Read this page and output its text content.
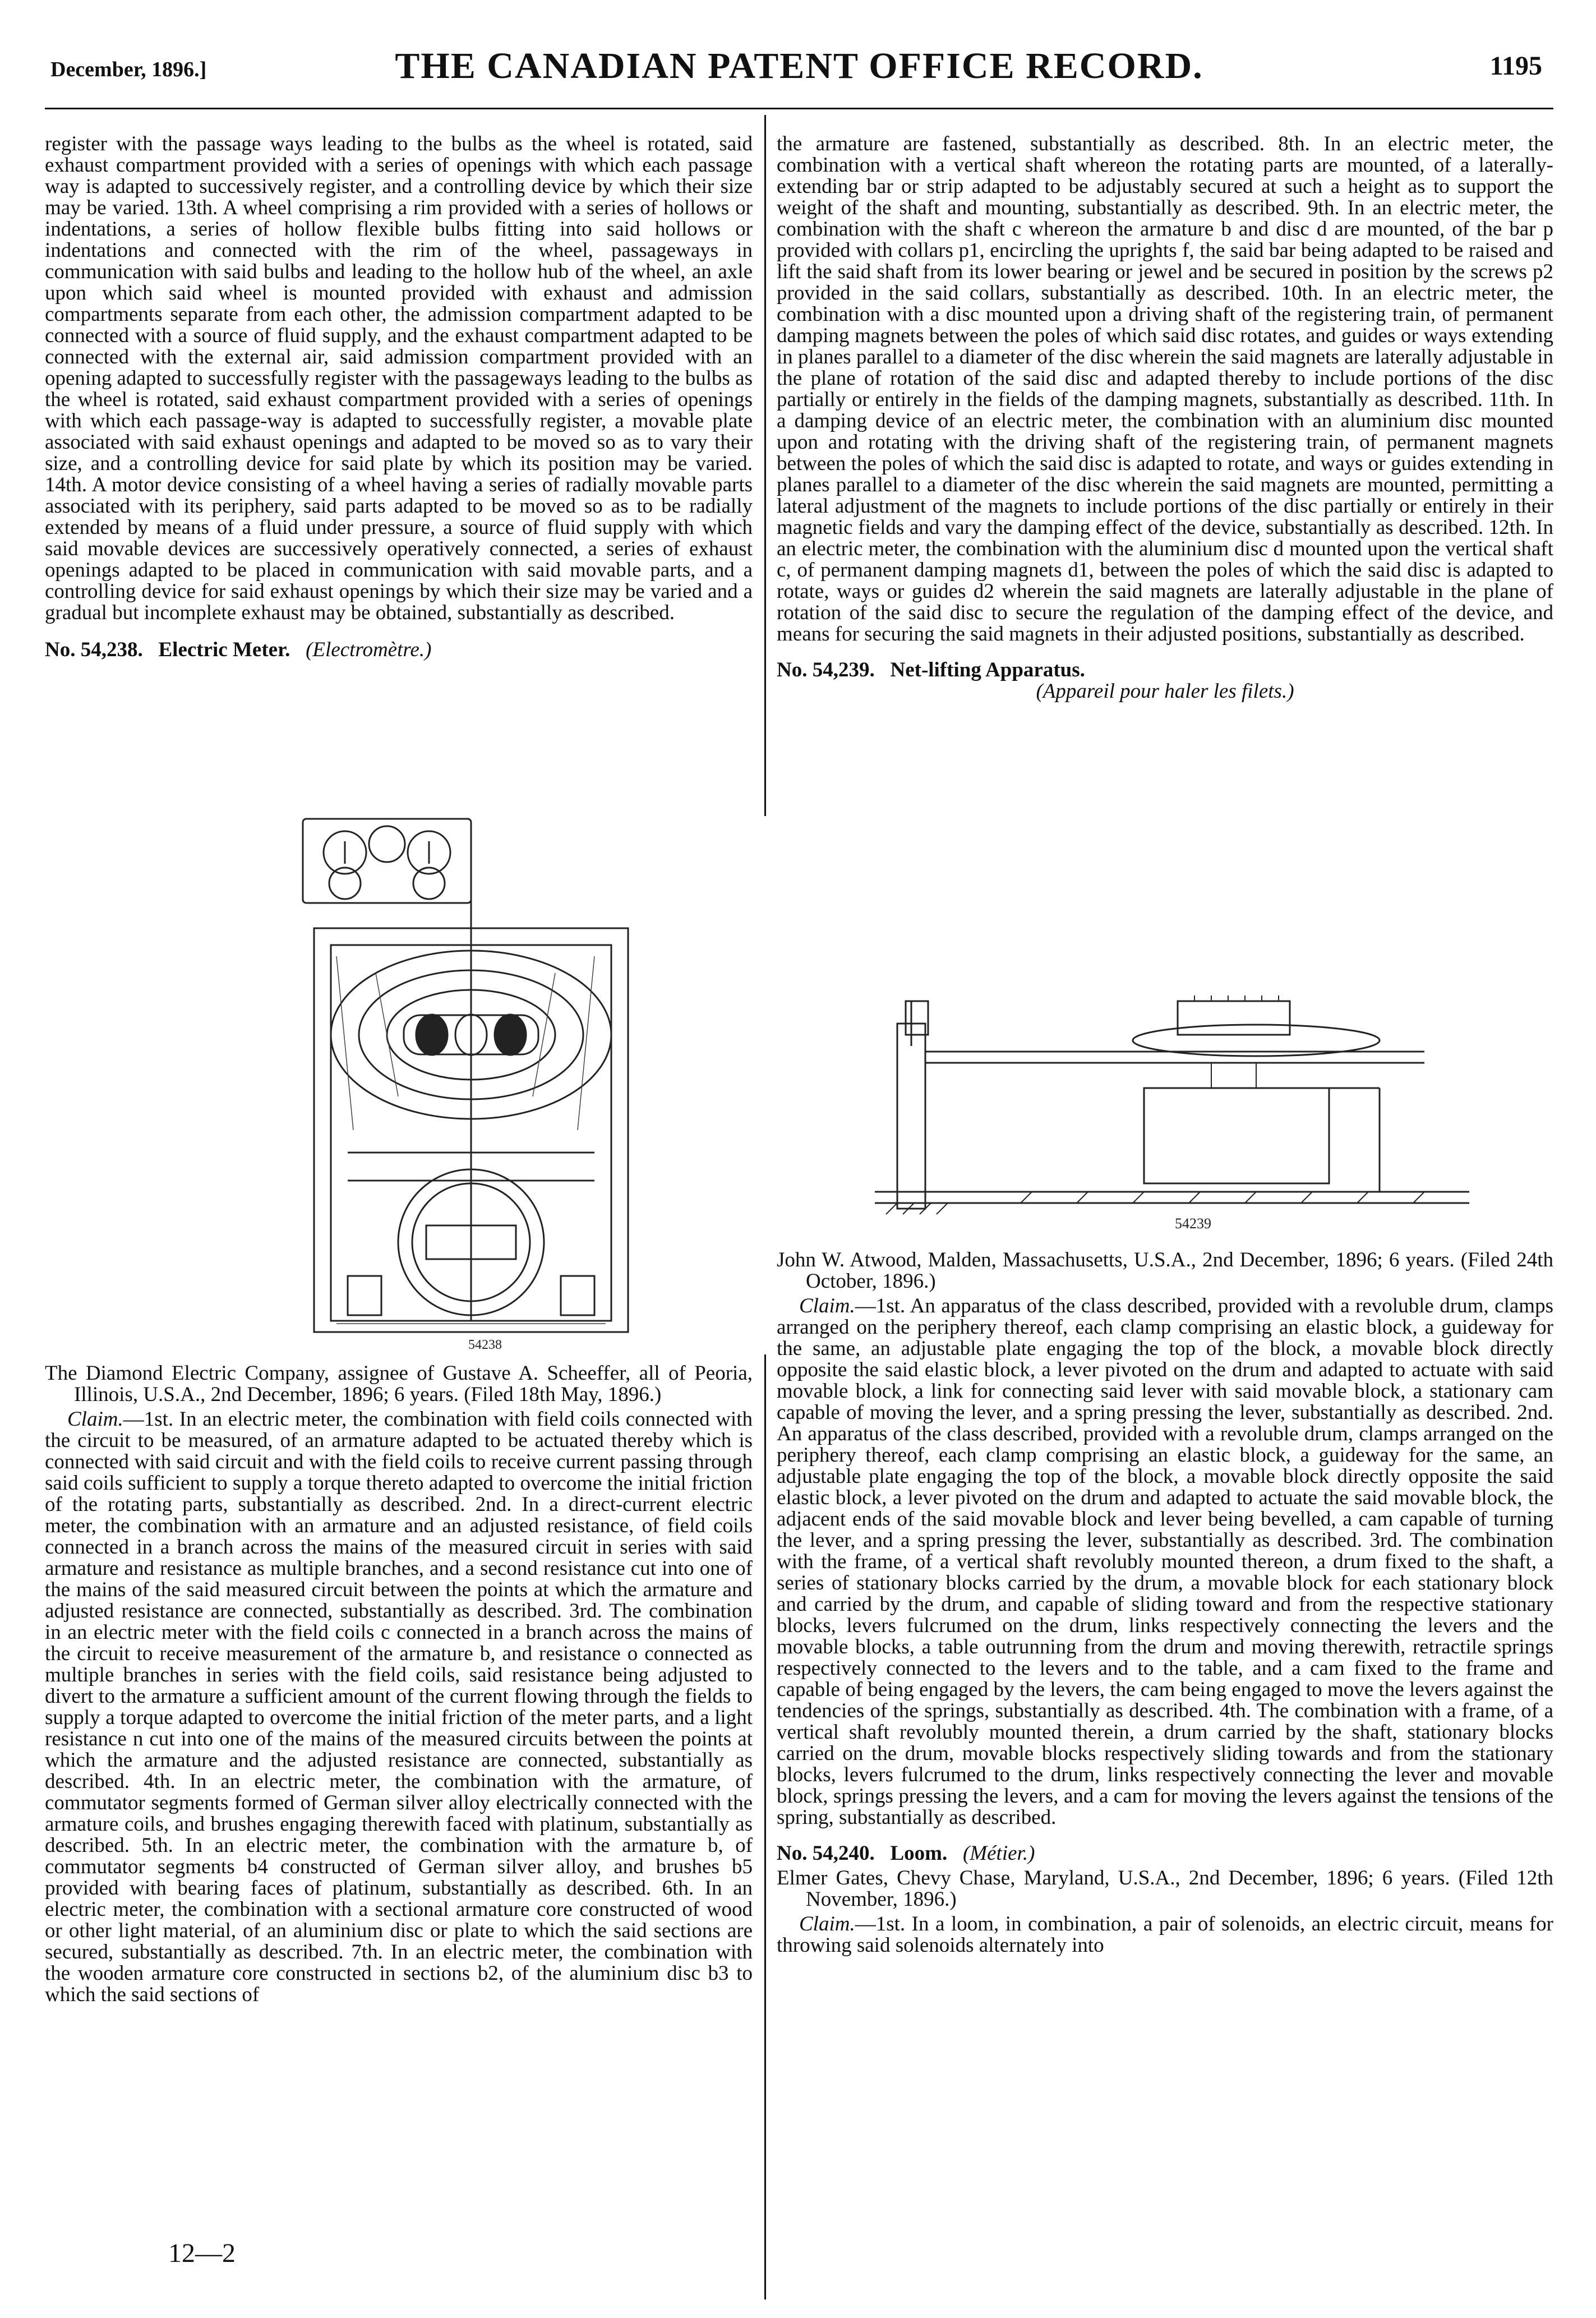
December, 1896.]	THE CANADIAN PATENT OFFICE RECORD.	1195

register with the passage ways leading to the bulbs as the wheel is rotated, said exhaust compartment provided with a series of openings with which each passage way is adapted to successively register, and a controlling device by which their size may be varied. 13th. A wheel comprising a rim provided with a series of hollows or indentations, a series of hollow flexible bulbs fitting into said hollows or indentations and connected with the rim of the wheel, passageways in communication with said bulbs and leading to the hollow hub of the wheel, an axle upon which said wheel is mounted provided with exhaust and admission compartments separate from each other, the admission compartment adapted to be connected with a source of fluid supply, and the exhaust compartment adapted to be connected with the external air, said admission compartment provided with an opening adapted to successfully register with the passageways leading to the bulbs as the wheel is rotated, said exhaust compartment provided with a series of openings with which each passage-way is adapted to successfully register, a movable plate associated with said exhaust openings and adapted to be moved so as to vary their size, and a controlling device for said plate by which its position may be varied. 14th. A motor device consisting of a wheel having a series of radially movable parts associated with its periphery, said parts adapted to be moved so as to be radially extended by means of a fluid under pressure, a source of fluid supply with which said movable devices are successively operatively connected, a series of exhaust openings adapted to be placed in communication with said movable parts, and a controlling device for said exhaust openings by which their size may be varied and a gradual but incomplete exhaust may be obtained, substantially as described.

No. 54,238. Electric Meter. (Electromètre.)

54238

The Diamond Electric Company, assignee of Gustave A. Scheeffer, all of Peoria, Illinois, U.S.A., 2nd December, 1896; 6 years. (Filed 18th May, 1896.)

Claim.—1st. In an electric meter, the combination with field coils connected with the circuit to be measured, of an armature adapted to be actuated thereby which is connected with said circuit and with the field coils to receive current passing through said coils sufficient to supply a torque thereto adapted to overcome the initial friction of the rotating parts, substantially as described. 2nd. In a direct-current electric meter, the combination with an armature and an adjusted resistance, of field coils connected in a branch across the mains of the measured circuit in series with said armature and resistance as multiple branches, and a second resistance cut into one of the mains of the said measured circuit between the points at which the armature and adjusted resistance are connected, substantially as described. 3rd. The combination in an electric meter with the field coils c connected in a branch across the mains of the circuit to receive measurement of the armature b, and resistance o connected as multiple branches in series with the field coils, said resistance being adjusted to divert to the armature a sufficient amount of the current flowing through the fields to supply a torque adapted to overcome the initial friction of the meter parts, and a light resistance n cut into one of the mains of the measured circuits between the points at which the armature and the adjusted resistance are connected, substantially as described. 4th. In an electric meter, the combination with the armature, of commutator segments formed of German silver alloy electrically connected with the armature coils, and brushes engaging therewith faced with platinum, substantially as described. 5th. In an electric meter, the combination with the armature b, of commutator segments b4 constructed of German silver alloy, and brushes b5 provided with bearing faces of platinum, substantially as described. 6th. In an electric meter, the combination with a sectional armature core constructed of wood or other light material, of an aluminium disc or plate to which the said sections are secured, substantially as described. 7th. In an electric meter, the combination with the wooden armature core constructed in sections b2, of the aluminium disc b3 to which the said sections of

12—2

the armature are fastened, substantially as described. 8th. In an electric meter, the combination with a vertical shaft whereon the rotating parts are mounted, of a laterally-extending bar or strip adapted to be adjustably secured at such a height as to support the weight of the shaft and mounting, substantially as described. 9th. In an electric meter, the combination with the shaft c whereon the armature b and disc d are mounted, of the bar p provided with collars p1, encircling the uprights f, the said bar being adapted to be raised and lift the said shaft from its lower bearing or jewel and be secured in position by the screws p2 provided in the said collars, substantially as described. 10th. In an electric meter, the combination with a disc mounted upon a driving shaft of the registering train, of permanent damping magnets between the poles of which said disc rotates, and guides or ways extending in planes parallel to a diameter of the disc wherein the said magnets are laterally adjustable in the plane of rotation of the said disc and adapted thereby to include portions of the disc partially or entirely in the fields of the damping magnets, substantially as described. 11th. In a damping device of an electric meter, the combination with an aluminium disc mounted upon and rotating with the driving shaft of the registering train, of permanent magnets between the poles of which the said disc is adapted to rotate, and ways or guides extending in planes parallel to a diameter of the disc wherein the said magnets are mounted, permitting a lateral adjustment of the magnets to include portions of the disc partially or entirely in their magnetic fields and vary the damping effect of the device, substantially as described. 12th. In an electric meter, the combination with the aluminium disc d mounted upon the vertical shaft c, of permanent damping magnets d1, between the poles of which the said disc is adapted to rotate, ways or guides d2 wherein the said magnets are laterally adjustable in the plane of rotation of the said disc to secure the regulation of the damping effect of the device, and means for securing the said magnets in their adjusted positions, substantially as described.

No. 54,239. Net-lifting Apparatus.

(Appareil pour haler les filets.)

54239

John W. Atwood, Malden, Massachusetts, U.S.A., 2nd December, 1896; 6 years. (Filed 24th October, 1896.)

Claim.—1st. An apparatus of the class described, provided with a revoluble drum, clamps arranged on the periphery thereof, each clamp comprising an elastic block, a guideway for the same, an adjustable plate engaging the top of the block, a movable block directly opposite the said elastic block, a lever pivoted on the drum and adapted to actuate with said movable block, a link for connecting said lever with said movable block, a stationary cam capable of moving the lever, and a spring pressing the lever, substantially as described. 2nd. An apparatus of the class described, provided with a revoluble drum, clamps arranged on the periphery thereof, each clamp comprising an elastic block, a guideway for the same, an adjustable plate engaging the top of the block, a movable block directly opposite the said elastic block, a lever pivoted on the drum and adapted to actuate the said movable block, the adjacent ends of the said movable block and lever being bevelled, a cam capable of turning the lever, and a spring pressing the lever, substantially as described. 3rd. The combination with the frame, of a vertical shaft revolubly mounted thereon, a drum fixed to the shaft, a series of stationary blocks carried by the drum, a movable block for each stationary block and carried by the drum, and capable of sliding toward and from the respective stationary blocks, levers fulcrumed on the drum, links respectively connecting the levers and the movable blocks, a table outrunning from the drum and moving therewith, retractile springs respectively connected to the levers and to the table, and a cam fixed to the frame and capable of being engaged by the levers, the cam being engaged to move the levers against the tendencies of the springs, substantially as described. 4th. The combination with a frame, of a vertical shaft revolubly mounted therein, a drum carried by the shaft, stationary blocks carried on the drum, movable blocks respectively sliding towards and from the stationary blocks, levers fulcrumed to the drum, links respectively connecting the lever and movable block, springs pressing the levers, and a cam for moving the levers against the tensions of the spring, substantially as described.

No. 54,240. Loom. (Métier.)

Elmer Gates, Chevy Chase, Maryland, U.S.A., 2nd December, 1896; 6 years. (Filed 12th November, 1896.)

Claim.—1st. In a loom, in combination, a pair of solenoids, an electric circuit, means for throwing said solenoids alternately into
